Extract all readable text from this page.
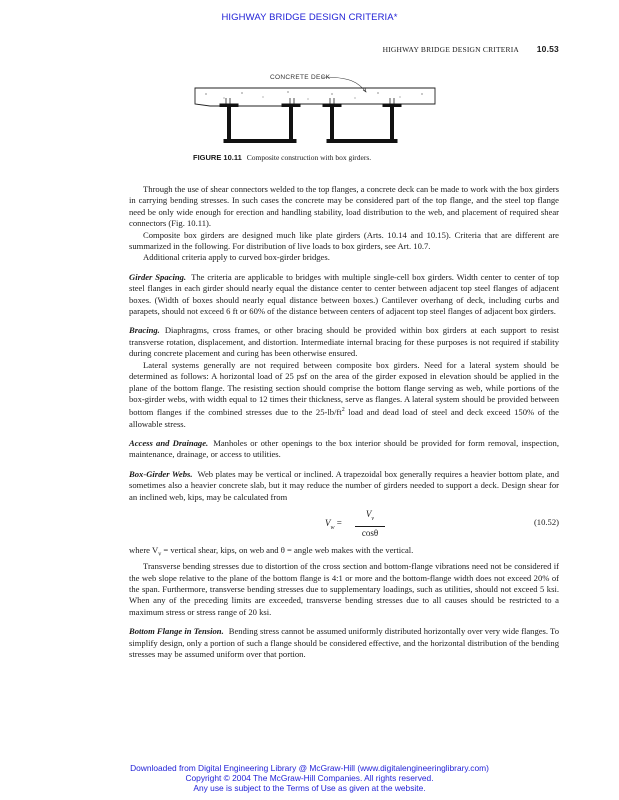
HIGHWAY BRIDGE DESIGN CRITERIA*
HIGHWAY BRIDGE DESIGN CRITERIA 10.53
CONCRETE DECK
FIGURE 10.11 Composite construction with box girders.

Through the use of shear connectors welded to the top flanges, a concrete deck can be made to work with the box girders in carrying bending stresses. In such cases the concrete may be considered part of the top flange, and the steel top flange need be only wide enough for erection and handling stability, load distribution to the web, and placement of required shear connectors (Fig. 10.11).

Composite box girders are designed much like plate girders (Arts. 10.14 and 10.15). Criteria that are different are summarized in the following. For distribution of live loads to box girders, see Art. 10.7.

Additional criteria apply to curved box-girder bridges.

Girder Spacing. The criteria are applicable to bridges with multiple single-cell box girders. Width center to center of top steel flanges in each girder should nearly equal the distance center to center between adjacent top steel flanges of adjacent boxes. (Width of boxes should nearly equal distance between boxes.) Cantilever overhang of deck, including curbs and parapets, should not exceed 6 ft or 60% of the distance between centers of adjacent top steel flanges of adjacent box girders.

Bracing. Diaphragms, cross frames, or other bracing should be provided within box girders at each support to resist transverse rotation, displacement, and distortion. Intermediate internal bracing for these purposes is not required if stability during concrete placement and curing has been otherwise ensured.

Lateral systems generally are not required between composite box girders. Need for a lateral system should be determined as follows: A horizontal load of 25 psf on the area of the girder exposed in elevation should be applied in the plane of the bottom flange. The resisting section should comprise the bottom flange serving as web, while portions of the box-girder webs, with width equal to 12 times their thickness, serve as flanges. A lateral system should be provided between bottom flanges if the combined stresses due to the $25-lb/ft^2$ load and dead load of steel and deck exceed 150% of the allowable stress.

Access and Drainage. Manholes or other openings to the box interior should be provided for form removal, inspection, maintenance, drainage, or access to utilities.

Box-Girder Webs. Web plates may be vertical or inclined. A trapezoidal box generally requires a heavier bottom plate, and sometimes also a heavier concrete slab, but it may reduce the number of girders needed to support a deck. Design shear for an inclined web, kips, may be calculated from

$V_w = \frac{V_v}{\cos\theta}$	(10.52)

where $V_v$ = vertical shear, kips, on web and θ = angle web makes with the vertical.

Transverse bending stresses due to distortion of the cross section and bottom-flange vibrations need not be considered if the web slope relative to the plane of the bottom flange is 4:1 or more and the bottom-flange width does not exceed 20% of the span. Furthermore, transverse bending stresses due to supplementary loadings, such as utilities, should not exceed 5 ksi. When any of the preceding limits are exceeded, transverse bending stresses due to all causes should be restricted to a maximum stress or stress range of 20 ksi.

Bottom Flange in Tension. Bending stress cannot be assumed uniformly distributed horizontally over very wide flanges. To simplify design, only a portion of such a flange should be considered effective, and the horizontal distribution of the bending stresses may be assumed uniform over that portion.

Downloaded from Digital Engineering Library @ McGraw-Hill (www.digitalengineeringlibrary.com)
Copyright © 2004 The McGraw-Hill Companies. All rights reserved.
Any use is subject to the Terms of Use as given at the website.
